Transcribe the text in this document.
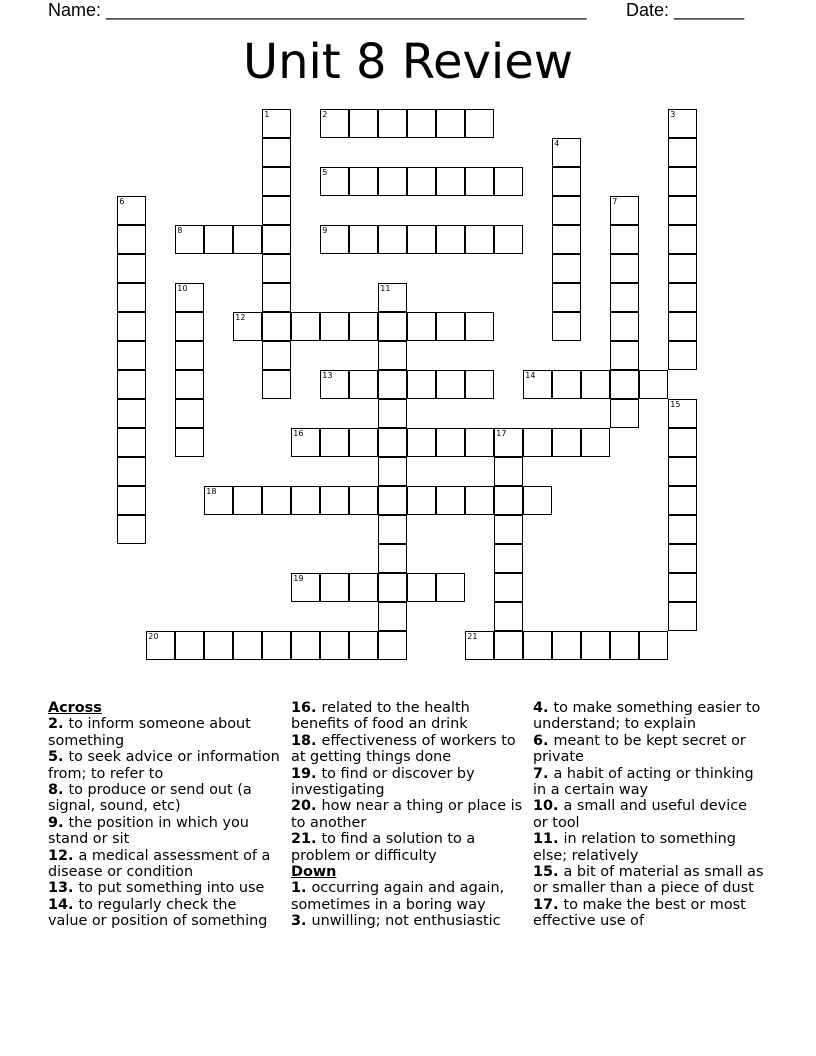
Name: ________________________________________________ Date: _______
Unit 8 Review
2
5
8	9
12
13	14
16	17
18
19
20	21
1	3
4
6	7
10	11
15
Across
2. to inform someone about something
5. to seek advice or information from; to refer to
8. to produce or send out (a signal, sound, etc)
9. the position in which you stand or sit
12. a medical assessment of a disease or condition
13. to put something into use
14. to regularly check the value or position of something
16. related to the health benefits of food an drink
18. effectiveness of workers to at getting things done
19. to find or discover by investigating
20. how near a thing or place is to another
21. to find a solution to a problem or difficulty
Down
1. occurring again and again, sometimes in a boring way
3. unwilling; not enthusiastic
4. to make something easier to understand; to explain
6. meant to be kept secret or private
7. a habit of acting or thinking in a certain way
10. a small and useful device or tool
11. in relation to something else; relatively
15. a bit of material as small as or smaller than a piece of dust
17. to make the best or most effective use of
